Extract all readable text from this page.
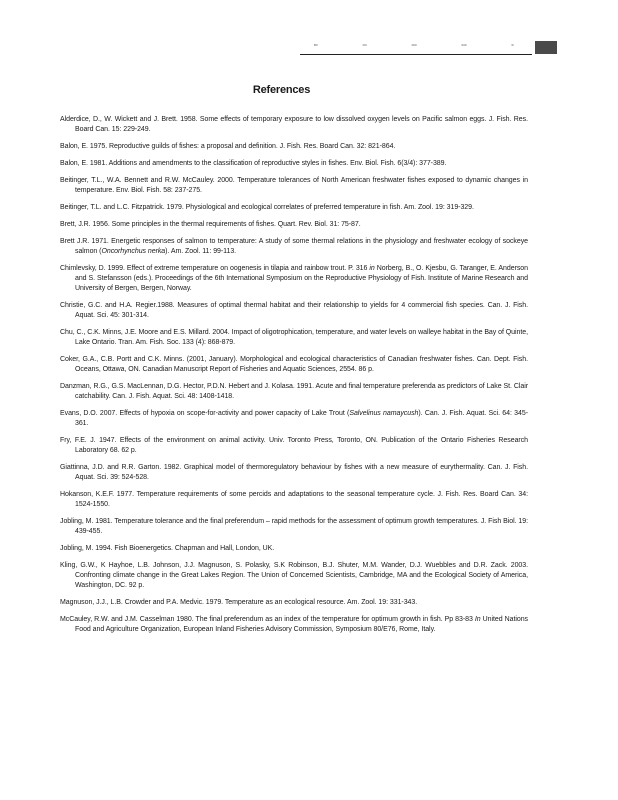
B0	0/0	000	000	0/
References

Alderdice, D., W. Wickett and J. Brett. 1958. Some effects of temporary exposure to low dissolved oxygen levels on Pacific salmon eggs. J. Fish. Res. Board Can. 15: 229-249.

Balon, E. 1975. Reproductive guilds of fishes: a proposal and definition. J. Fish. Res. Board Can. 32: 821-864.

Balon, E. 1981. Additions and amendments to the classification of reproductive styles in fishes. Env. Biol. Fish. 6(3/4): 377-389.

Beitinger, T.L., W.A. Bennett and R.W. McCauley. 2000. Temperature tolerances of North American freshwater fishes exposed to dynamic changes in temperature. Env. Biol. Fish. 58: 237-275.

Beitinger, T.L. and L.C. Fitzpatrick. 1979. Physiological and ecological correlates of preferred temperature in fish. Am. Zool. 19: 319-329.

Brett, J.R. 1956. Some principles in the thermal requirements of fishes. Quart. Rev. Biol. 31: 75-87.

Brett J.R. 1971. Energetic responses of salmon to temperature: A study of some thermal relations in the physiology and freshwater ecology of sockeye salmon (Oncorhynchus nerka). Am. Zool. 11: 99-113.

Chimlevsky, D. 1999. Effect of extreme temperature on oogenesis in tilapia and rainbow trout. P. 316 in Norberg, B., O. Kjesbu, G. Taranger, E. Anderson and S. Stefansson (eds.). Proceedings of the 6th International Symposium on the Reproductive Physiology of Fish. Institute of Marine Research and University of Bergen, Bergen, Norway.

Christie, G.C. and H.A. Regier.1988. Measures of optimal thermal habitat and their relationship to yields for 4 commercial fish species. Can. J. Fish. Aquat. Sci. 45: 301-314.

Chu, C., C.K. Minns, J.E. Moore and E.S. Millard. 2004. Impact of oligotrophication, temperature, and water levels on walleye habitat in the Bay of Quinte, Lake Ontario. Tran. Am. Fish. Soc. 133 (4): 868-879.

Coker, G.A., C.B. Portt and C.K. Minns. (2001, January). Morphological and ecological characteristics of Canadian freshwater fishes. Can. Dept. Fish. Oceans, Ottawa, ON. Canadian Manuscript Report of Fisheries and Aquatic Sciences, 2554. 86 p.

Danzman, R.G., G.S. MacLennan, D.G. Hector, P.D.N. Hebert and J. Kolasa. 1991. Acute and final temperature preferenda as predictors of Lake St. Clair catchability. Can. J. Fish. Aquat. Sci. 48: 1408-1418.

Evans, D.O. 2007. Effects of hypoxia on scope-for-activity and power capacity of Lake Trout (Salvelinus namaycush). Can. J. Fish. Aquat. Sci. 64: 345-361.

Fry, F.E. J. 1947. Effects of the environment on animal activity. Univ. Toronto Press, Toronto, ON. Publication of the Ontario Fisheries Research Laboratory 68. 62 p.

Giattinna, J.D. and R.R. Garton. 1982. Graphical model of thermoregulatory behaviour by fishes with a new measure of eurythermality. Can. J. Fish. Aquat. Sci. 39: 524-528.

Hokanson, K.E.F. 1977. Temperature requirements of some percids and adaptations to the seasonal temperature cycle. J. Fish. Res. Board Can. 34: 1524-1550.

Jobling, M. 1981. Temperature tolerance and the final preferendum – rapid methods for the assessment of optimum growth temperatures. J. Fish Biol. 19: 439-455.

Jobling, M. 1994. Fish Bioenergetics. Chapman and Hall, London, UK.

Kling, G.W., K Hayhoe, L.B. Johnson, J.J. Magnuson, S. Polasky, S.K Robinson, B.J. Shuter, M.M. Wander, D.J. Wuebbles and D.R. Zack. 2003. Confronting climate change in the Great Lakes Region. The Union of Concerned Scientists, Cambridge, MA and the Ecological Society of America, Washington, DC. 92 p.

Magnuson, J.J., L.B. Crowder and P.A. Medvic. 1979. Temperature as an ecological resource. Am. Zool. 19: 331-343.

McCauley, R.W. and J.M. Casselman 1980. The final preferendum as an index of the temperature for optimum growth in fish. Pp 83-83 In United Nations Food and Agriculture Organization, European Inland Fisheries Advisory Commission, Symposium 80/E76, Rome, Italy.
